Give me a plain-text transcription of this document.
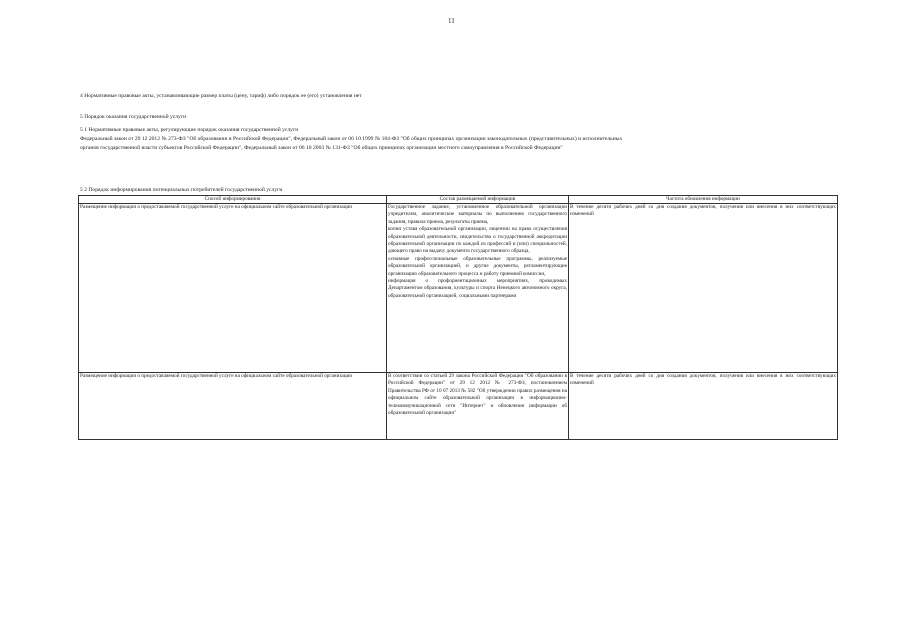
11
4 Нормативные правовые акты, устанавливающие размер платы (цену, тариф) либо порядок ее (его) установления нет
5 Порядок оказания государственной услуги
5 1 Нормативные правовые акты, регулирующие порядок оказания государственной услуги
Федеральный закон от 29 12 2012 № 273-ФЗ "Об образовании в Российской Федерации", Федеральный закон от 06 10 1999 № 184-ФЗ "Об общих принципах организации законодательных (представительных) и исполнительных
органов государственной власти субъектов Российской Федерации", Федеральный закон от 06 10 2003 № 131-ФЗ "Об общих принципах организации местного самоуправления в Российской Федерации"
5 2 Порядок информирования потенциальных потребителей государственной услуги
Способ информирования	Состав размещаемой информации	Частота обновления информации
Размещение информации о предоставляемой государственной услуге на официальном сайте образовательной организации	Государственное задание, установленное образовательной организации учредителем, аналитические материалы по выполнению государственного задания, правила приема, результаты приема,
копии устава образовательной организации, лицензии на право осуществления образовательной деятельности, свидетельство о государственной аккредитации образовательной организации по каждой из профессий и (или) специальностей, дающего право на выдачу документа государственного образца,
основные профессиональные образовательные программы, реализуемые образовательной организацией, и другие документы, регламентирующие организацию образовательного процесса и работу приемной комиссии,
информация о профориентационных мероприятиях, проводимых Департаментом образования, культуры и спорта Ненецкого автономного округа, образовательной организацией, социальными партнерами	В течение десяти рабочих дней со дня создания документов, получения или внесения в них соответствующих изменений
Размещение информации о предоставляемой государственной услуге на официальном сайте образовательной организации	В соответствии со статьей 29 закона Российской Федерации "Об образовании в Российской Федерации" от 29 12 2012 № 273-ФЗ, постановлением Правительства РФ от 10 07 2013 № 582 "Об утверждении правил размещения на официальном сайте образовательной организации в информационно-телекоммуникационной сети "Интернет" и обновления информации об образовательной организации"	В течение десяти рабочих дней со дня создания документов, получения или внесения в них соответствующих изменений
